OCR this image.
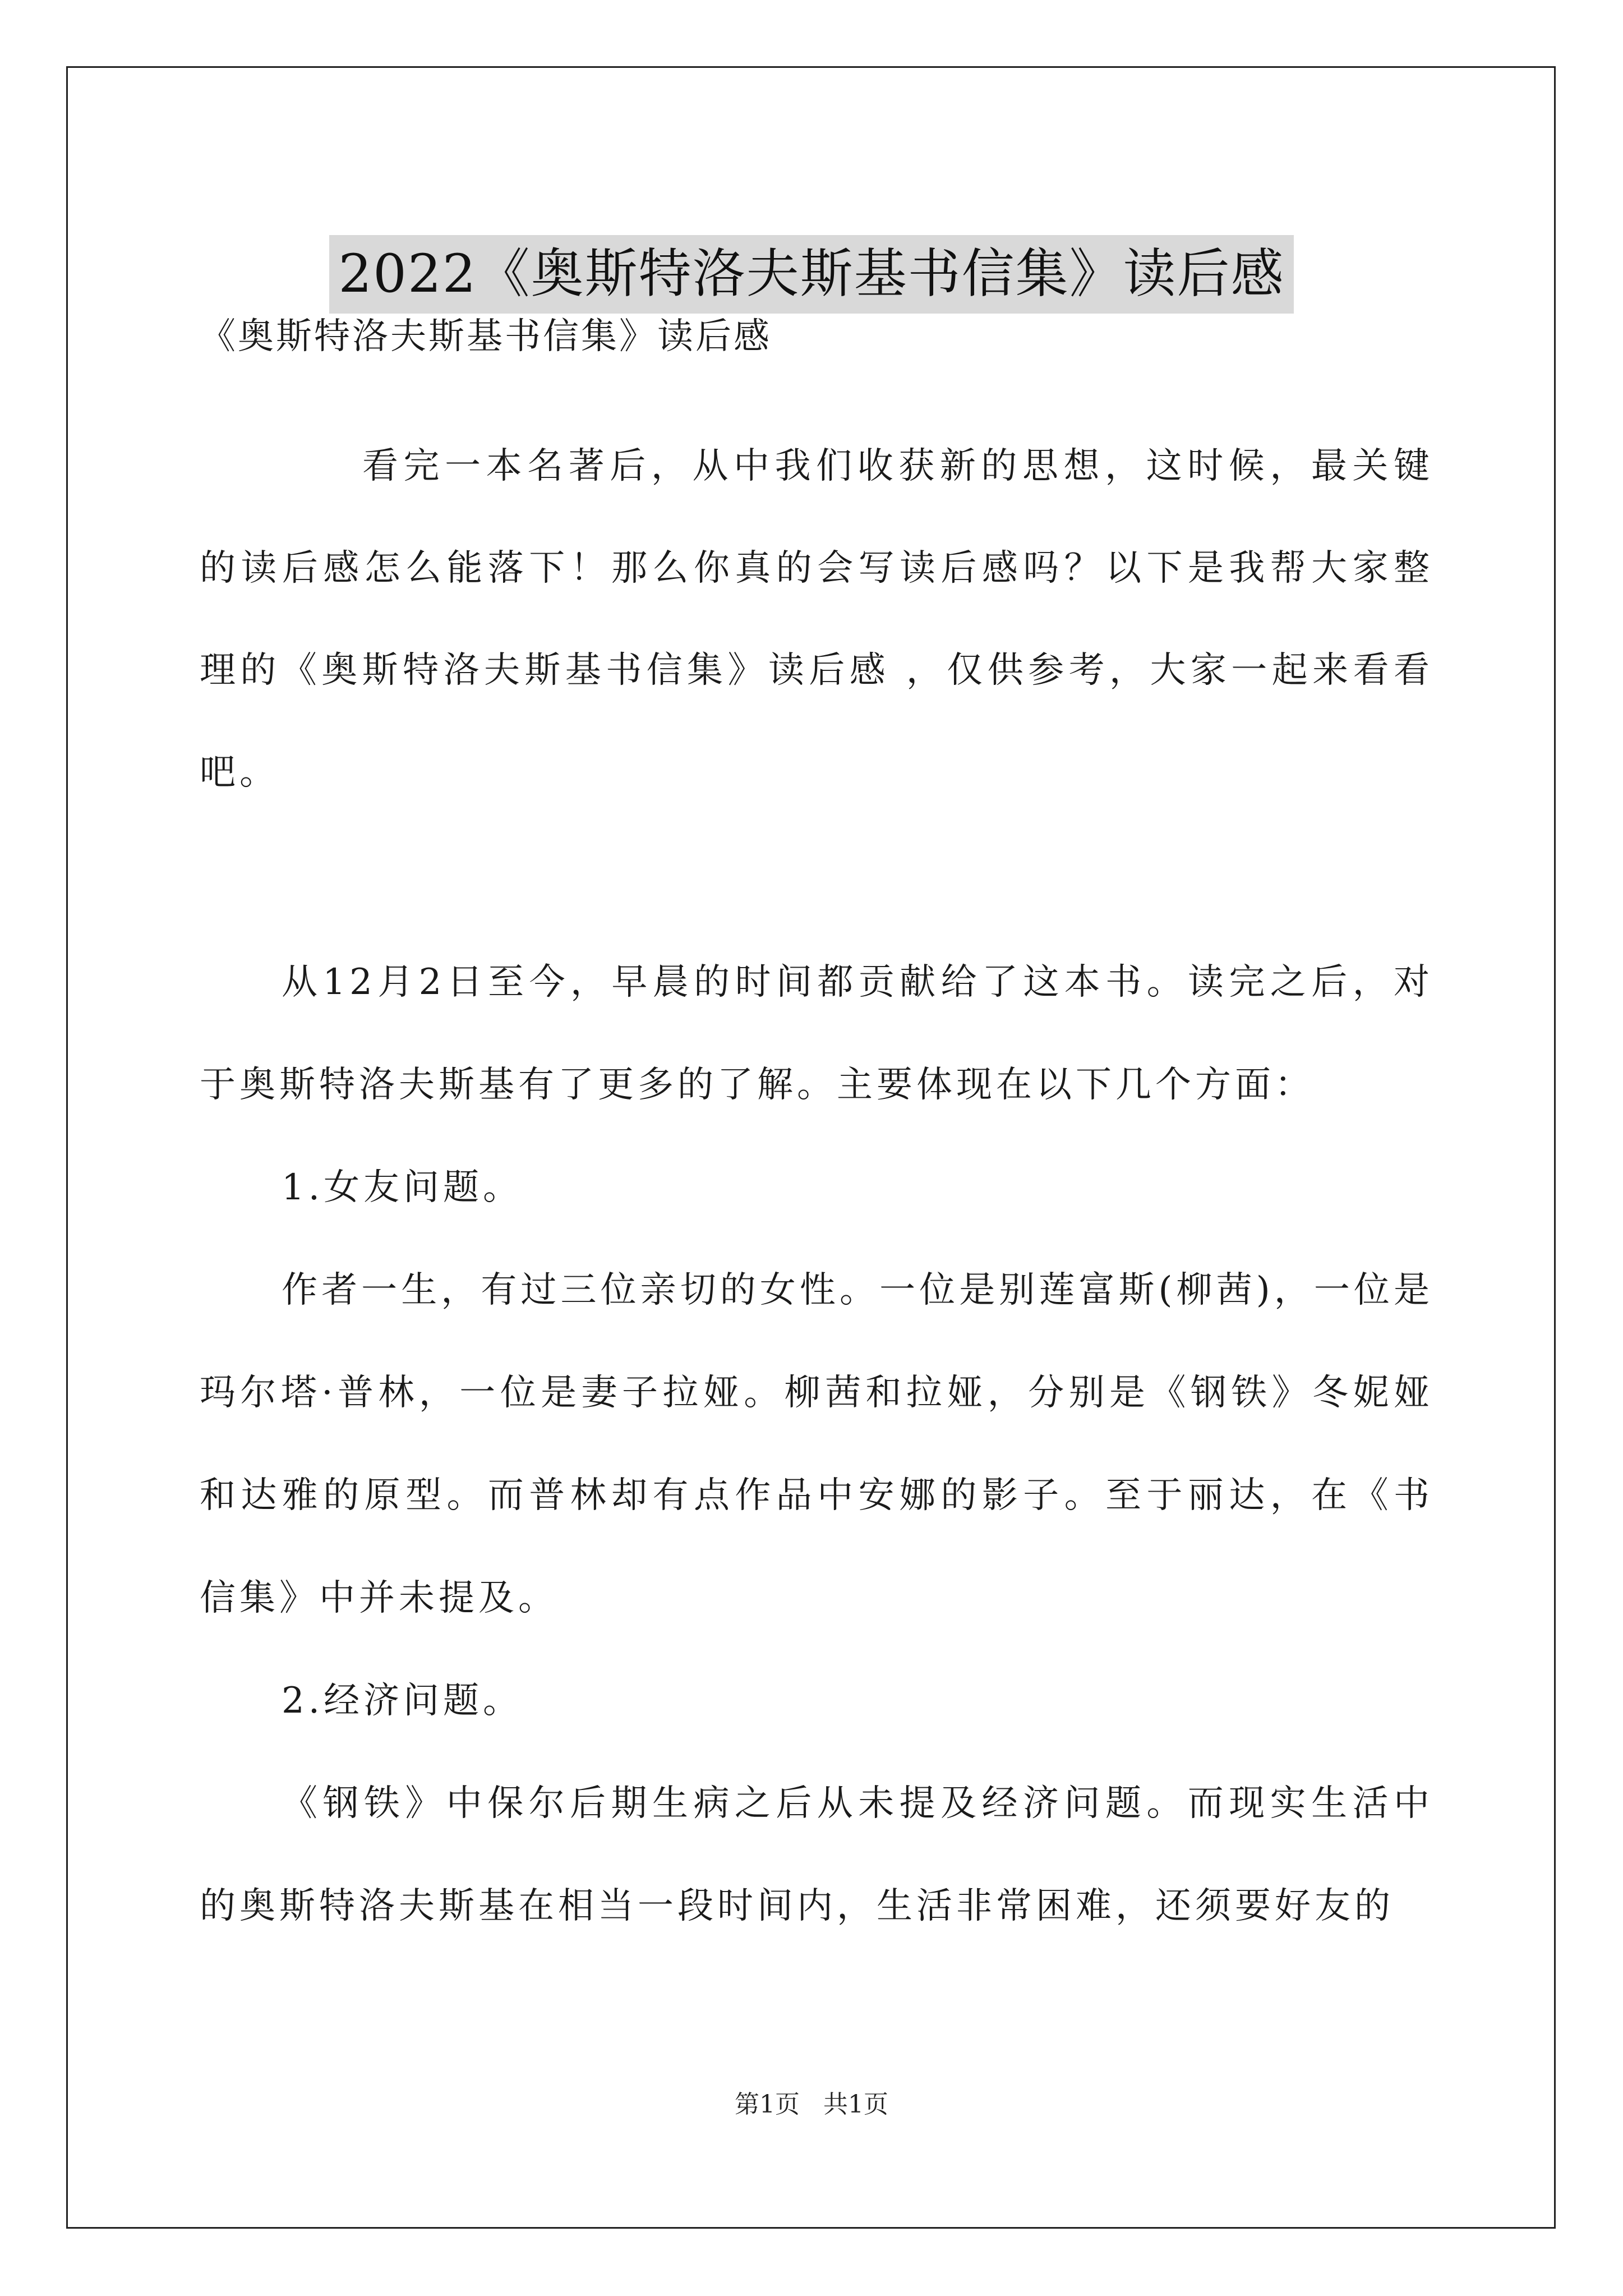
2022《奥斯特洛夫斯基书信集》读后感

《奥斯特洛夫斯基书信集》读后感

看完一本名著后，从中我们收获新的思想，这时候，最关键的读后感怎么能落下！那么你真的会写读后感吗？以下是我帮大家整理的《奥斯特洛夫斯基书信集》读后感 ，仅供参考，大家一起来看看吧。

从12月2日至今，早晨的时间都贡献给了这本书。读完之后，对于奥斯特洛夫斯基有了更多的了解。主要体现在以下几个方面：

1.女友问题。

作者一生，有过三位亲切的女性。一位是别莲富斯(柳茜)，一位是玛尔塔·普林，一位是妻子拉娅。柳茜和拉娅，分别是《钢铁》冬妮娅和达雅的原型。而普林却有点作品中安娜的影子。至于丽达，在《书信集》中并未提及。

2.经济问题。

《钢铁》中保尔后期生病之后从未提及经济问题。而现实生活中的奥斯特洛夫斯基在相当一段时间内，生活非常困难，还须要好友的

第1页 共1页
